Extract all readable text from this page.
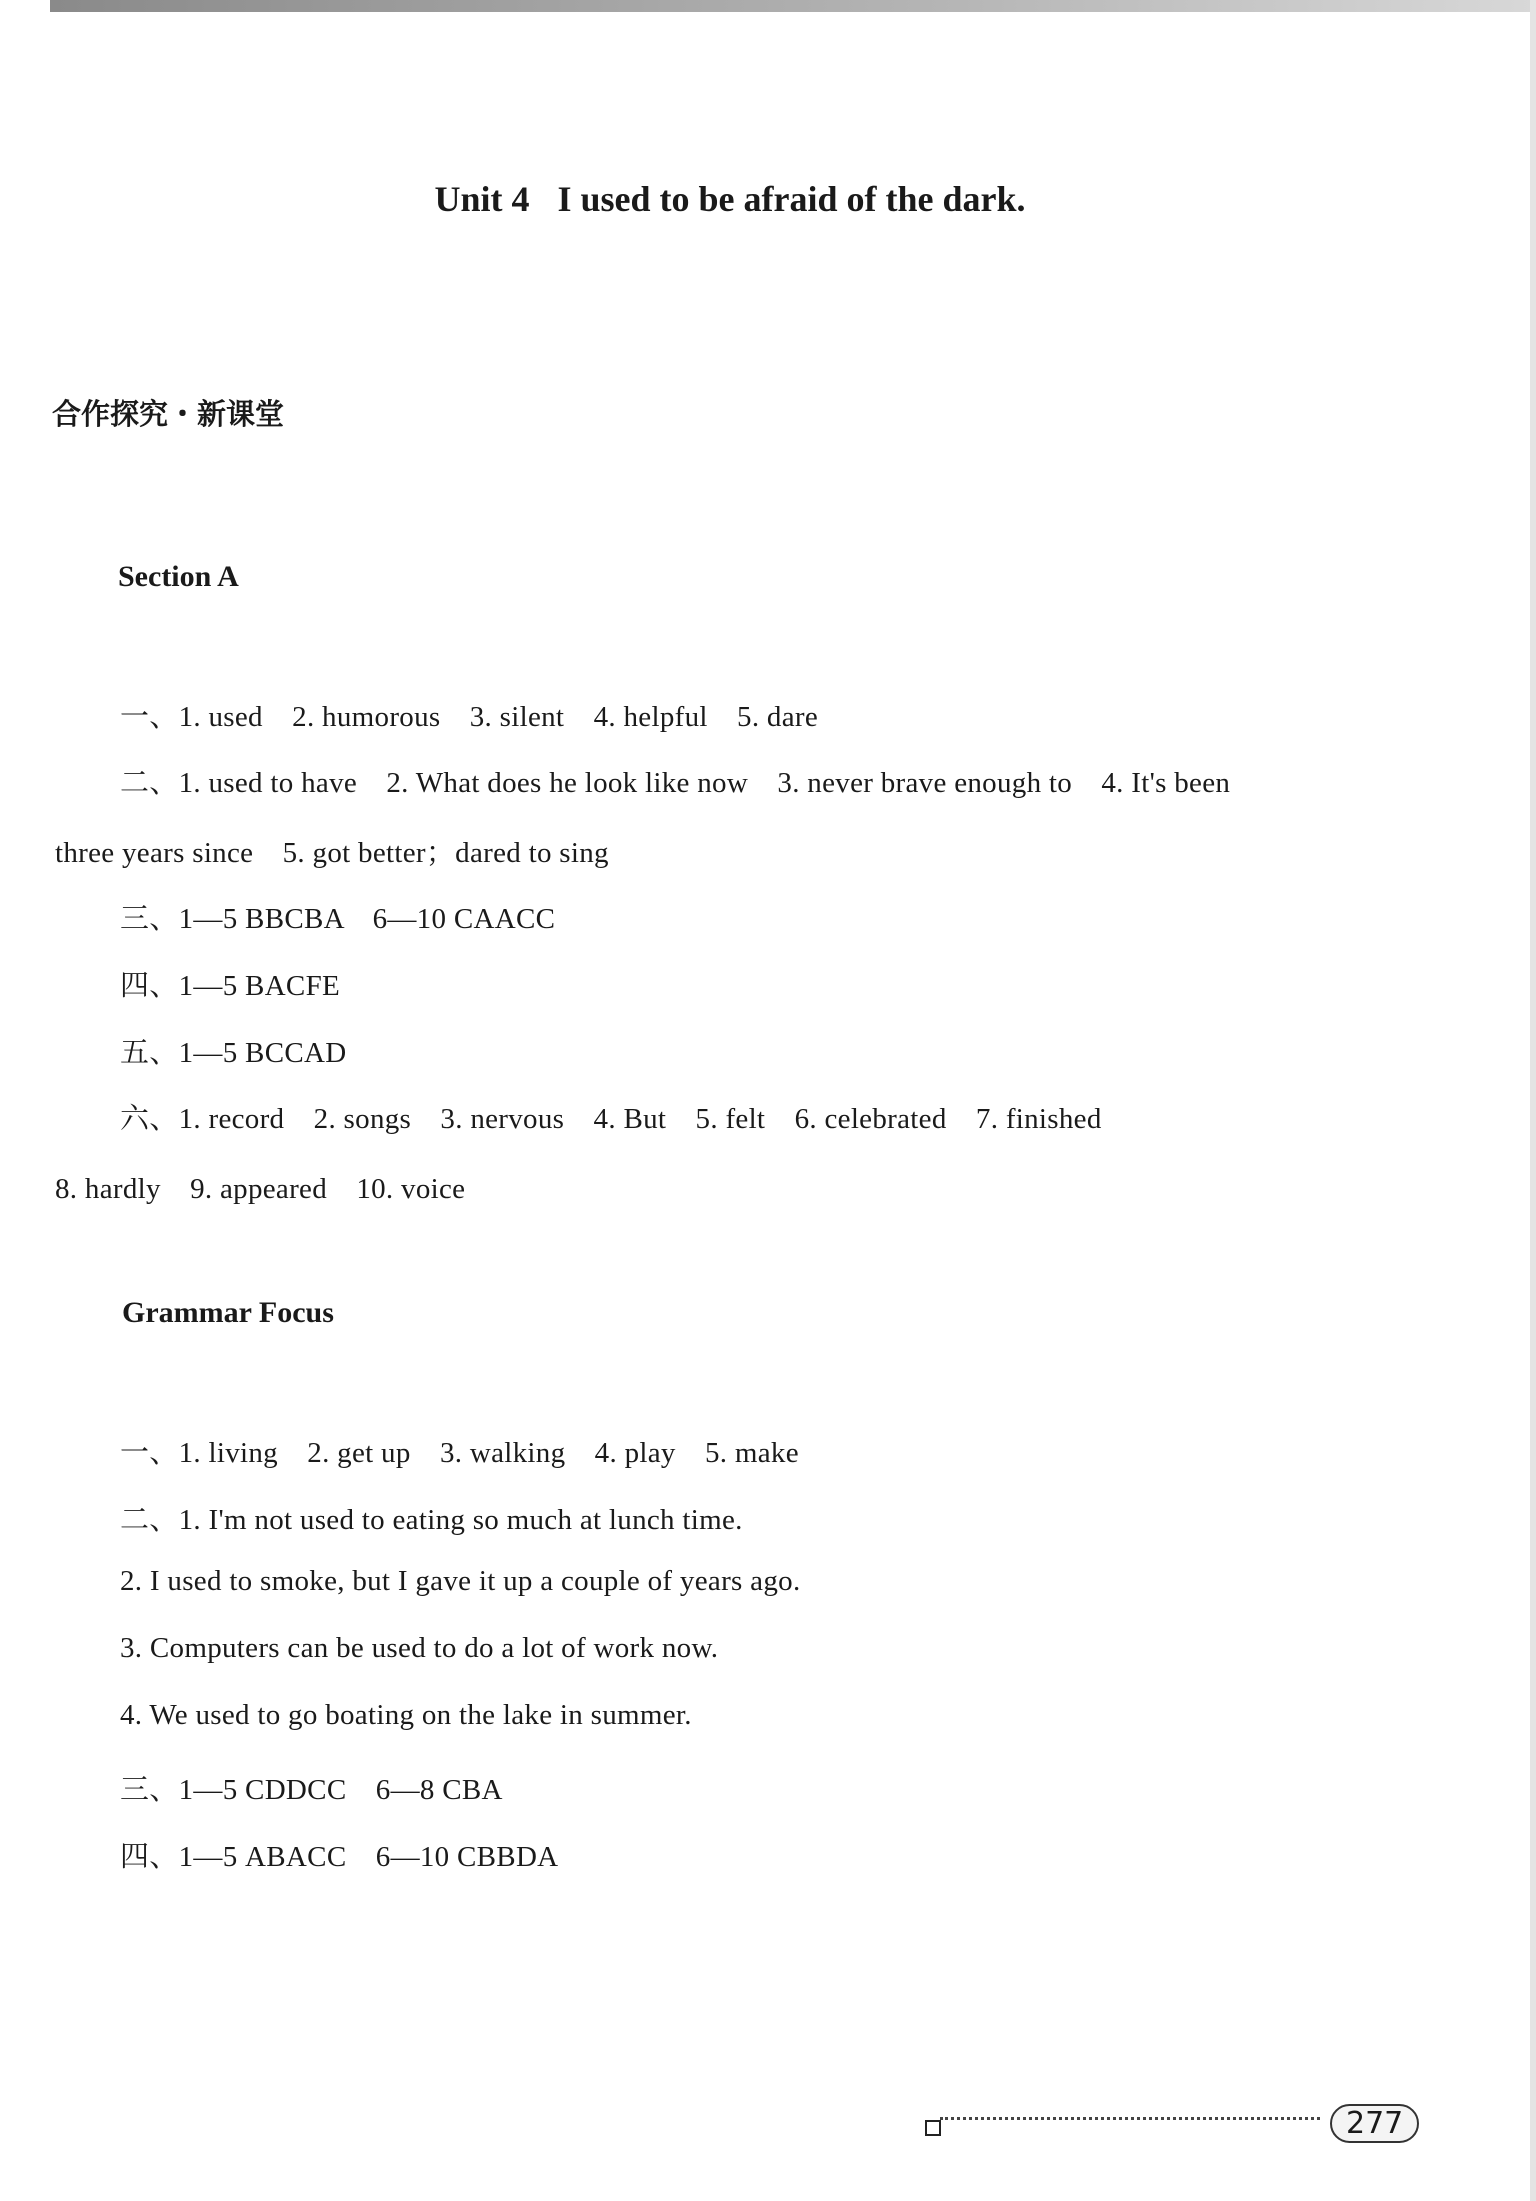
Unit 4 I used to be afraid of the dark.
合作探究・新课堂
Section A
一、1. used　2. humorous　3. silent　4. helpful　5. dare
二、1. used to have　2. What does he look like now　3. never brave enough to　4. It's been
three years since　5. got better；dared to sing
三、1—5 BBCBA　6—10 CAACC
四、1—5 BACFE
五、1—5 BCCAD
六、1. record　2. songs　3. nervous　4. But　5. felt　6. celebrated　7. finished
8. hardly　9. appeared　10. voice
Grammar Focus
一、1. living　2. get up　3. walking　4. play　5. make
二、1. I'm not used to eating so much at lunch time.
2. I used to smoke, but I gave it up a couple of years ago.
3. Computers can be used to do a lot of work now.
4. We used to go boating on the lake in summer.
三、1—5 CDDCC　6—8 CBA
四、1—5 ABACC　6—10 CBBDA
277
